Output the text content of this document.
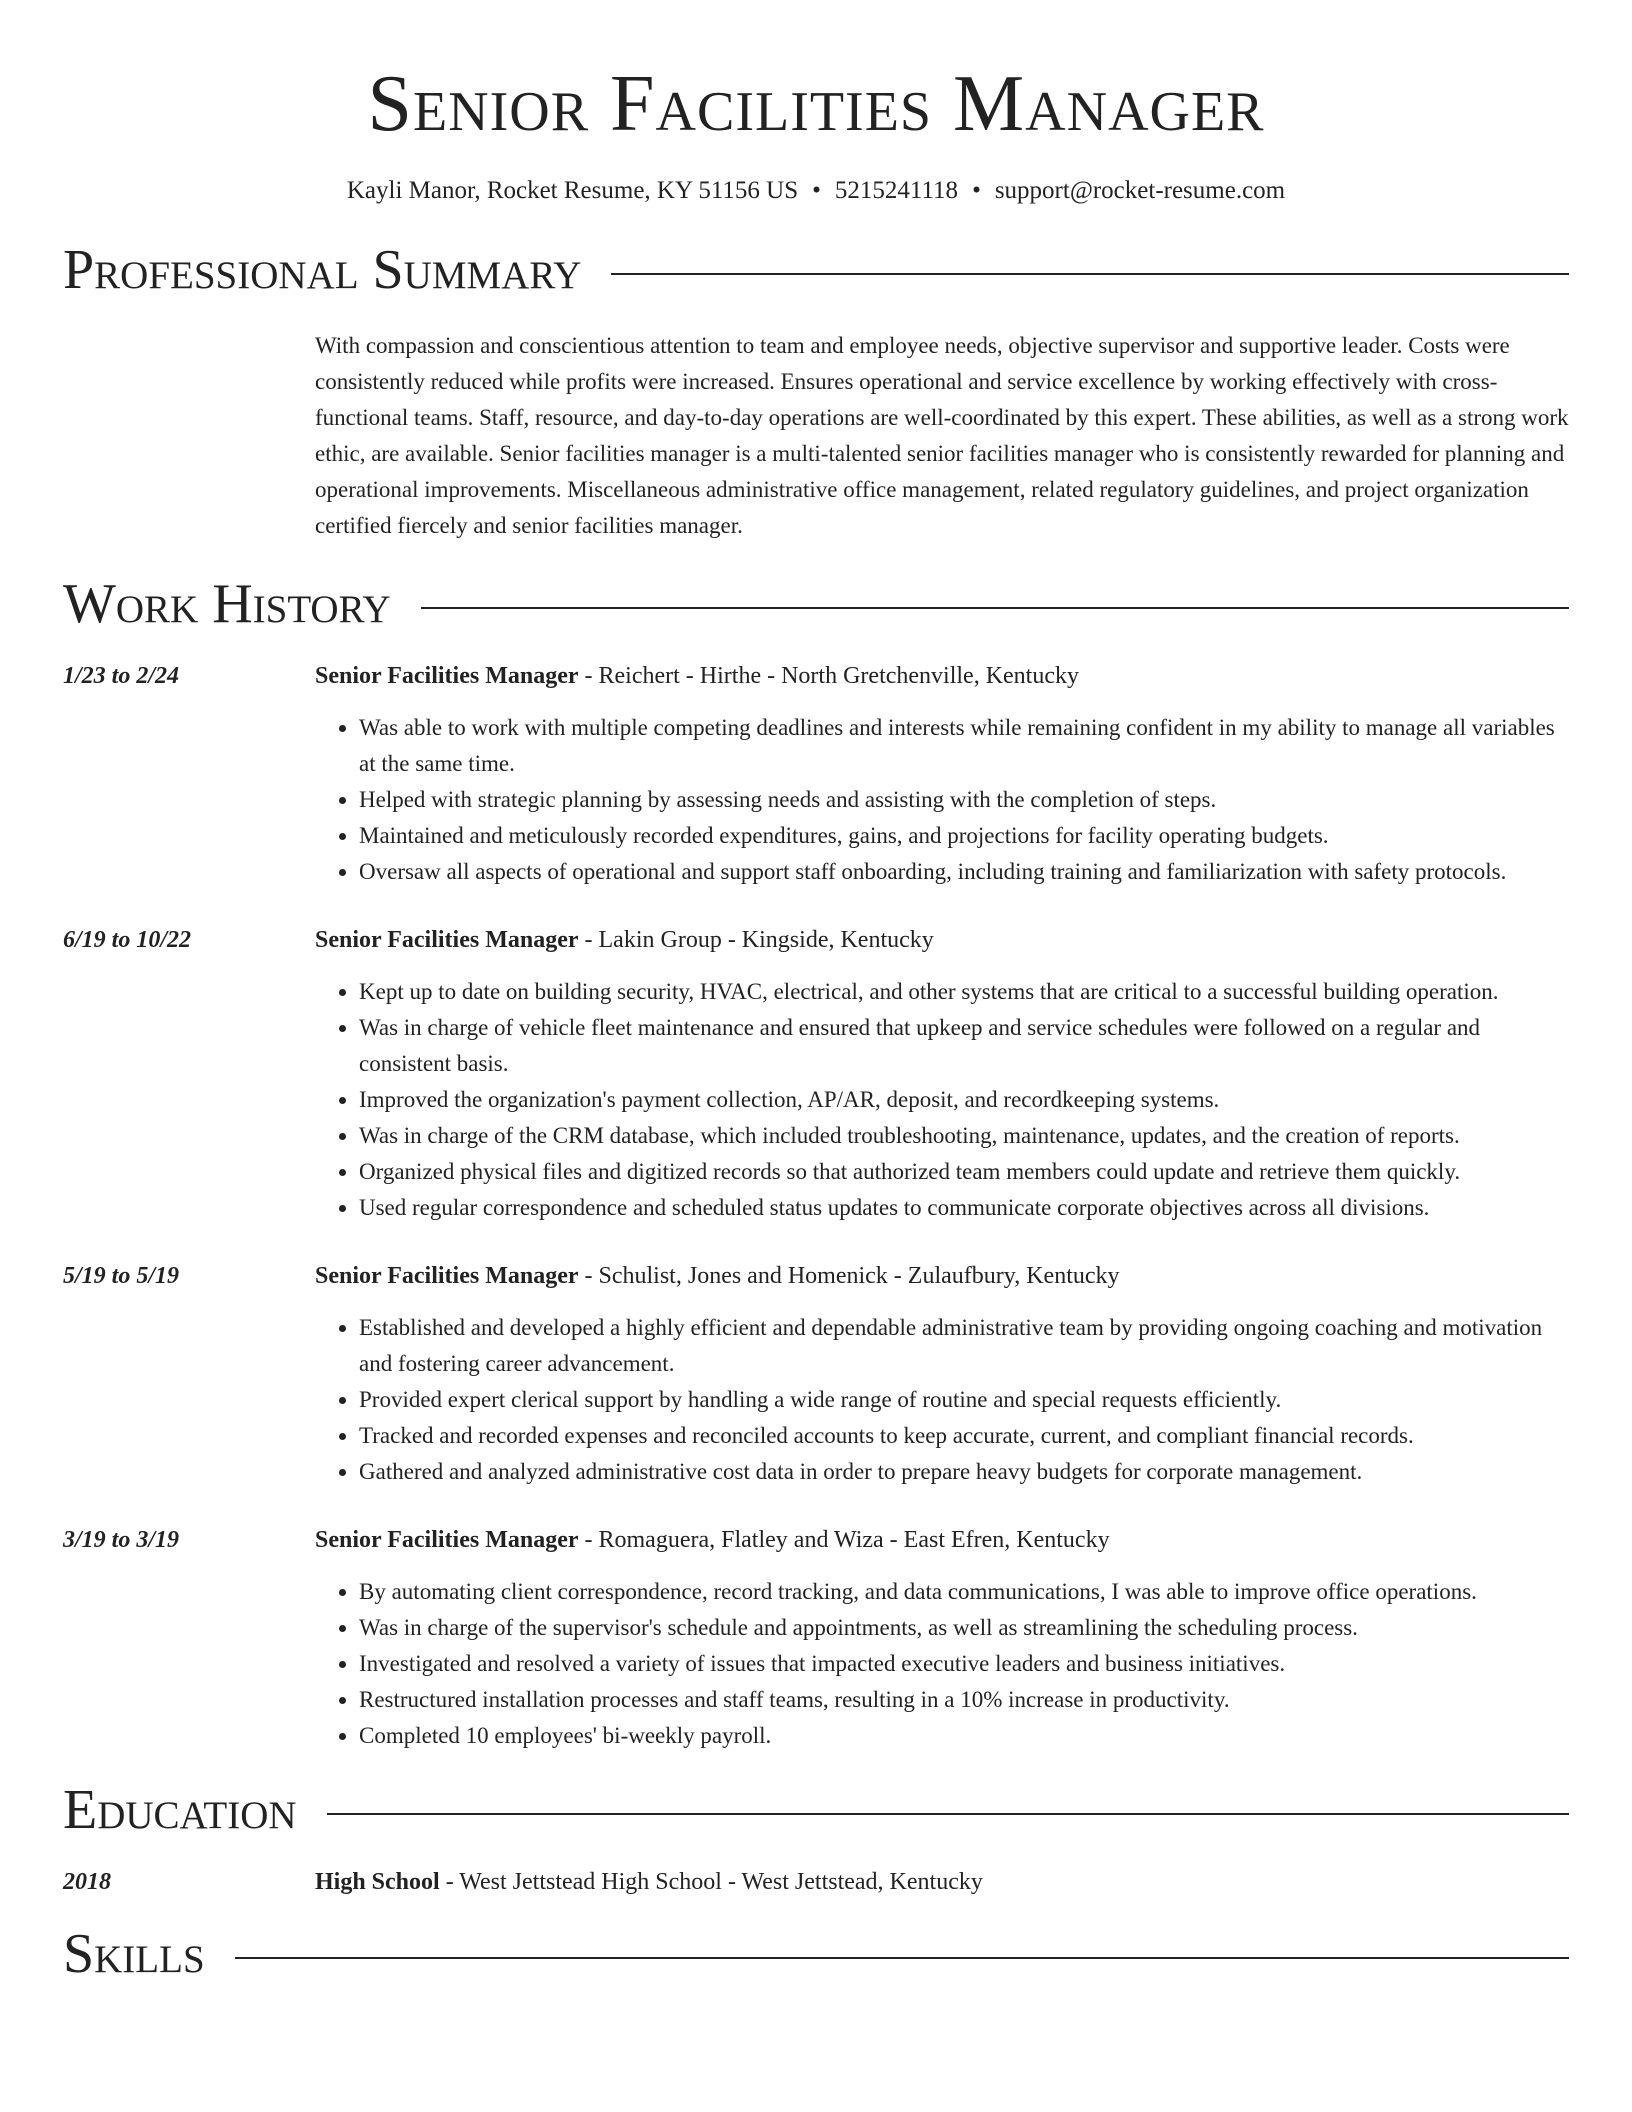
Senior Facilities Manager
Kayli Manor, Rocket Resume, KY 51156 US • 5215241118 • support@rocket-resume.com
Professional Summary
With compassion and conscientious attention to team and employee needs, objective supervisor and supportive leader. Costs were consistently reduced while profits were increased. Ensures operational and service excellence by working effectively with cross-functional teams. Staff, resource, and day-to-day operations are well-coordinated by this expert. These abilities, as well as a strong work ethic, are available. Senior facilities manager is a multi-talented senior facilities manager who is consistently rewarded for planning and operational improvements. Miscellaneous administrative office management, related regulatory guidelines, and project organization certified fiercely and senior facilities manager.
Work History
1/23 to 2/24	Senior Facilities Manager - Reichert - Hirthe - North Gretchenville, Kentucky
• Was able to work with multiple competing deadlines and interests while remaining confident in my ability to manage all variables at the same time.
• Helped with strategic planning by assessing needs and assisting with the completion of steps.
• Maintained and meticulously recorded expenditures, gains, and projections for facility operating budgets.
• Oversaw all aspects of operational and support staff onboarding, including training and familiarization with safety protocols.
6/19 to 10/22	Senior Facilities Manager - Lakin Group - Kingside, Kentucky
• Kept up to date on building security, HVAC, electrical, and other systems that are critical to a successful building operation.
• Was in charge of vehicle fleet maintenance and ensured that upkeep and service schedules were followed on a regular and consistent basis.
• Improved the organization's payment collection, AP/AR, deposit, and recordkeeping systems.
• Was in charge of the CRM database, which included troubleshooting, maintenance, updates, and the creation of reports.
• Organized physical files and digitized records so that authorized team members could update and retrieve them quickly.
• Used regular correspondence and scheduled status updates to communicate corporate objectives across all divisions.
5/19 to 5/19	Senior Facilities Manager - Schulist, Jones and Homenick - Zulaufbury, Kentucky
• Established and developed a highly efficient and dependable administrative team by providing ongoing coaching and motivation and fostering career advancement.
• Provided expert clerical support by handling a wide range of routine and special requests efficiently.
• Tracked and recorded expenses and reconciled accounts to keep accurate, current, and compliant financial records.
• Gathered and analyzed administrative cost data in order to prepare heavy budgets for corporate management.
3/19 to 3/19	Senior Facilities Manager - Romaguera, Flatley and Wiza - East Efren, Kentucky
• By automating client correspondence, record tracking, and data communications, I was able to improve office operations.
• Was in charge of the supervisor's schedule and appointments, as well as streamlining the scheduling process.
• Investigated and resolved a variety of issues that impacted executive leaders and business initiatives.
• Restructured installation processes and staff teams, resulting in a 10% increase in productivity.
• Completed 10 employees' bi-weekly payroll.
Education
2018	High School - West Jettstead High School - West Jettstead, Kentucky
Skills
